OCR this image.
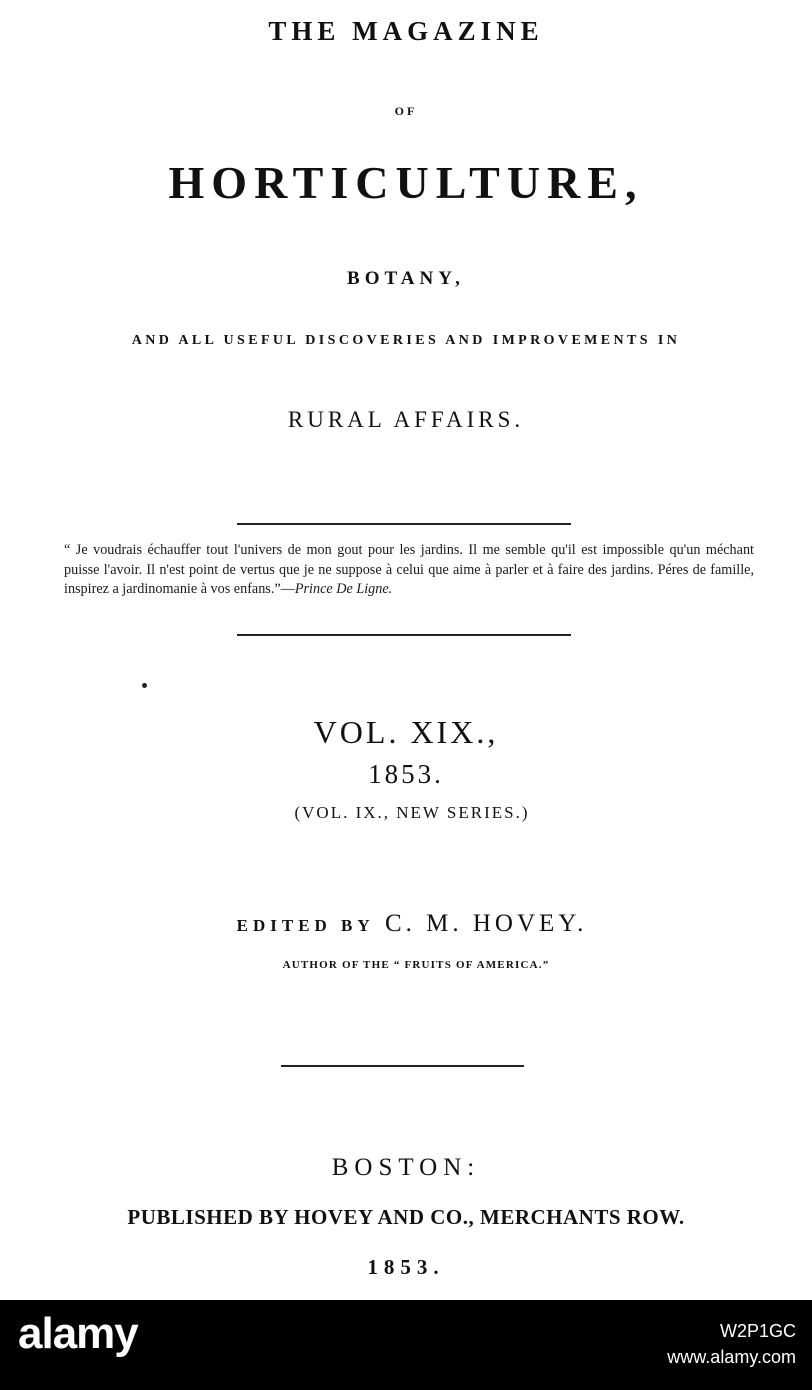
THE MAGAZINE
OF
HORTICULTURE,
BOTANY,
AND ALL USEFUL DISCOVERIES AND IMPROVEMENTS IN
RURAL AFFAIRS.
“ Je voudrais échauffer tout l'univers de mon gout pour les jardins. Il me semble qu'il est impossible qu'un méchant puisse l'avoir. Il n'est point de vertus que je ne suppose à celui que aime à parler et à faire des jardins. Péres de famille, inspirez a jardinomanie à vos enfans.”—Prince De Ligne.
VOL. XIX.,
1853.
(VOL. IX., NEW SERIES.)
EDITED BY C. M. HOVEY.
AUTHOR OF THE “ FRUITS OF AMERICA.”
BOSTON:
PUBLISHED BY HOVEY AND CO., MERCHANTS ROW.
1853.
alamy	W2P1GC
www.alamy.com
